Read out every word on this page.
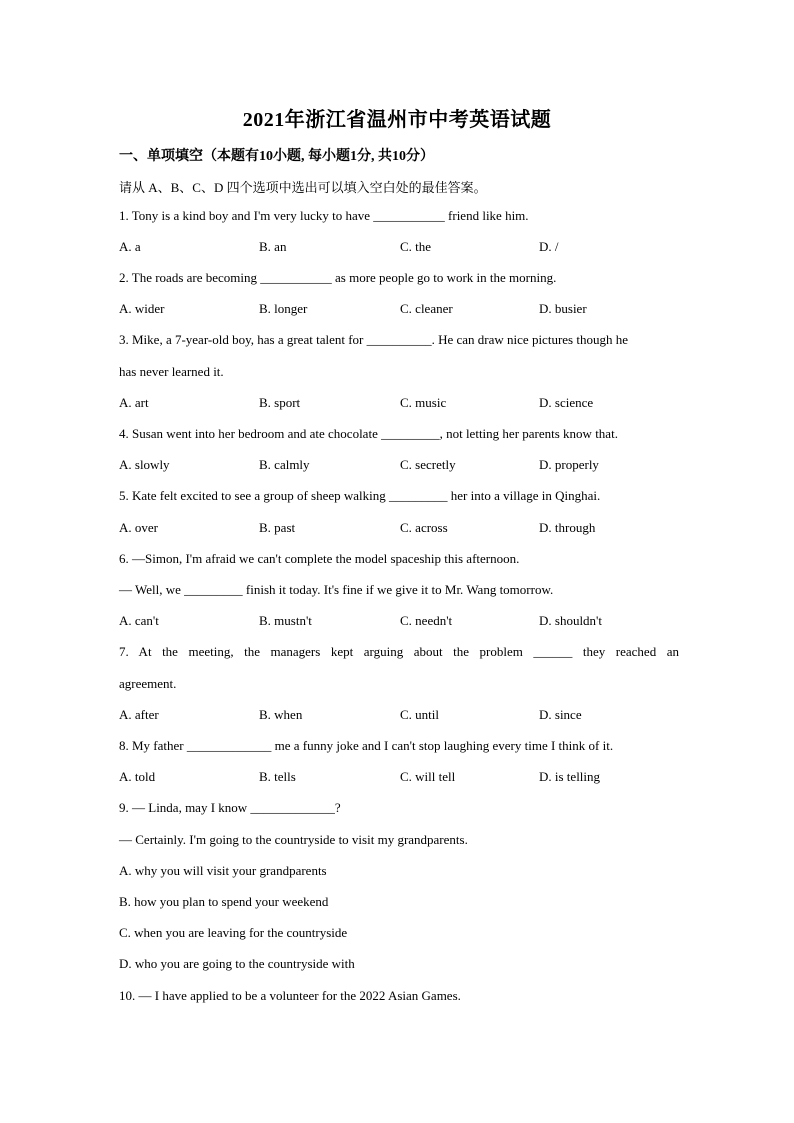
2021年浙江省温州市中考英语试题
一、单项填空（本题有10小题, 每小题1分, 共10分）
请从 A、B、C、D 四个选项中选出可以填入空白处的最佳答案。
1. Tony is a kind boy and I'm very lucky to have ___________ friend like him.
A. a	B. an	C. the	D. /
2. The roads are becoming ___________ as more people go to work in the morning.
A. wider	B. longer	C. cleaner	D. busier
3. Mike, a 7-year-old boy, has a great talent for __________. He can draw nice pictures though he
has never learned it.
A. art	B. sport	C. music	D. science
4. Susan went into her bedroom and ate chocolate _________, not letting her parents know that.
A. slowly	B. calmly	C. secretly	D. properly
5. Kate felt excited to see a group of sheep walking _________ her into a village in Qinghai.
A. over	B. past	C. across	D. through
6. —Simon, I'm afraid we can't complete the model spaceship this afternoon.
— Well, we _________ finish it today. It's fine if we give it to Mr. Wang tomorrow.
A. can't	B. mustn't	C. needn't	D. shouldn't
7. At the meeting, the managers kept arguing about the problem ______ they reached an
agreement.
A. after	B. when	C. until	D. since
8. My father _____________ me a funny joke and I can't stop laughing every time I think of it.
A. told	B. tells	C. will tell	D. is telling
9. — Linda, may I know _____________?
— Certainly. I'm going to the countryside to visit my grandparents.
A. why you will visit your grandparents
B. how you plan to spend your weekend
C. when you are leaving for the countryside
D. who you are going to the countryside with
10. — I have applied to be a volunteer for the 2022 Asian Games.
